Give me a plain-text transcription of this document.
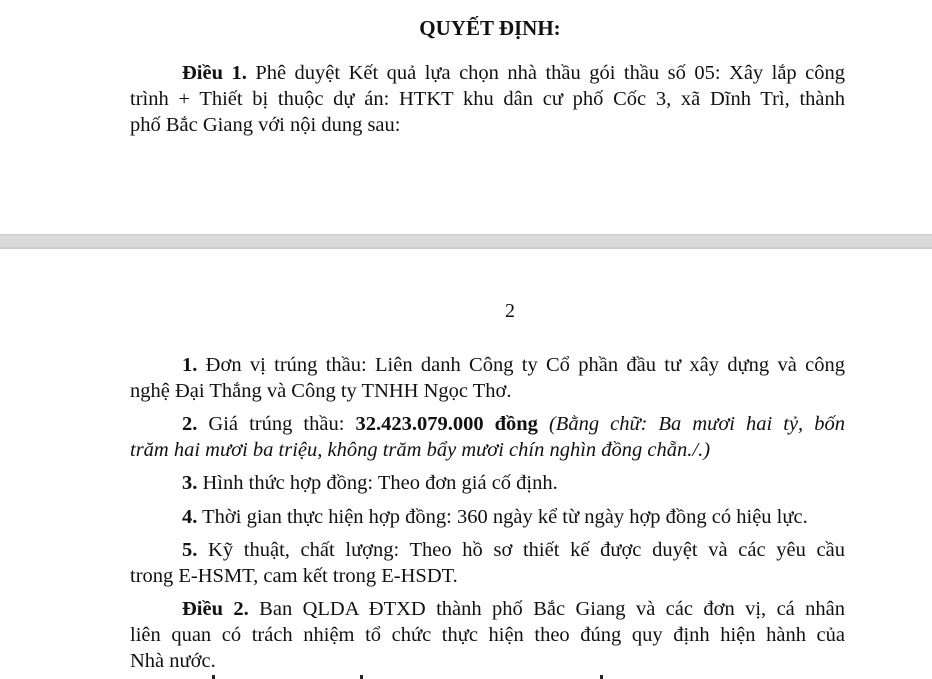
QUYẾT ĐỊNH:
Điều 1. Phê duyệt Kết quả lựa chọn nhà thầu gói thầu số 05: Xây lắp công
trình + Thiết bị thuộc dự án: HTKT khu dân cư phố Cốc 3, xã Dĩnh Trì, thành
phố Bắc Giang với nội dung sau:
2
1. Đơn vị trúng thầu: Liên danh Công ty Cổ phần đầu tư xây dựng và công
nghệ Đại Thắng và Công ty TNHH Ngọc Thơ.
2. Giá trúng thầu: 32.423.079.000 đồng (Bằng chữ: Ba mươi hai tỷ, bốn
trăm hai mươi ba triệu, không trăm bẩy mươi chín nghìn đồng chẵn./.)
3. Hình thức hợp đồng: Theo đơn giá cố định.
4. Thời gian thực hiện hợp đồng: 360 ngày kể từ ngày hợp đồng có hiệu lực.
5. Kỹ thuật, chất lượng: Theo hồ sơ thiết kế được duyệt và các yêu cầu
trong E-HSMT, cam kết trong E-HSDT.
Điều 2. Ban QLDA ĐTXD thành phố Bắc Giang và các đơn vị, cá nhân
liên quan có trách nhiệm tổ chức thực hiện theo đúng quy định hiện hành của
Nhà nước.
